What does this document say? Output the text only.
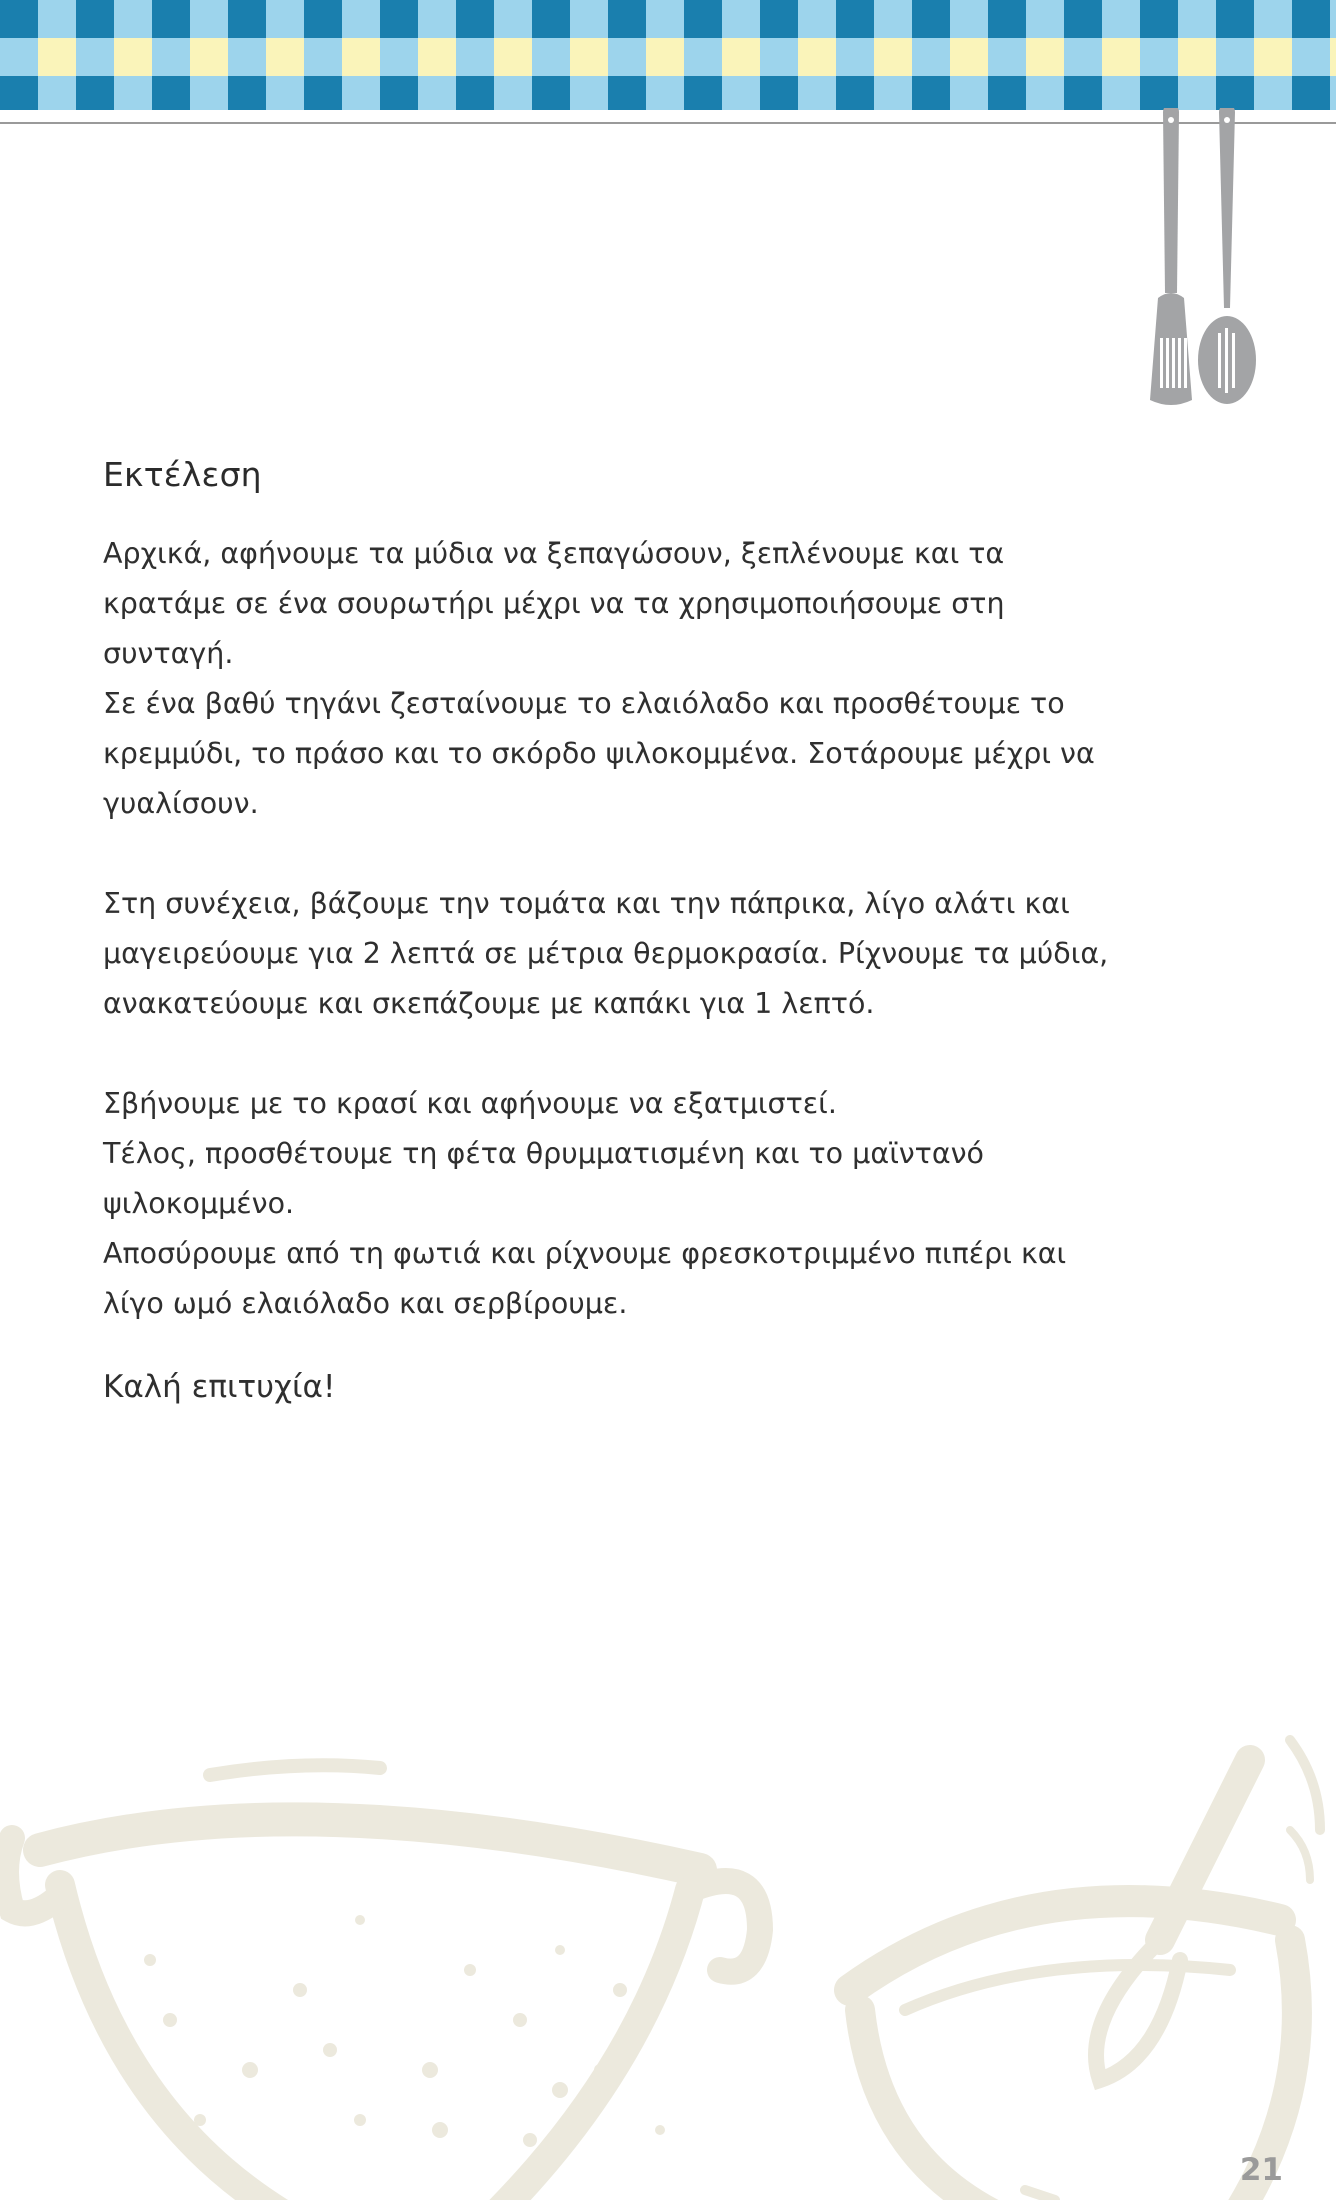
Εκτέλεση

Αρχικά, αφήνουμε τα μύδια να ξεπαγώσουν, ξεπλένουμε και τα
κρατάμε σε ένα σουρωτήρι μέχρι να τα χρησιμοποιήσουμε στη
συνταγή.

Σε ένα βαθύ τηγάνι ζεσταίνουμε το ελαιόλαδο και προσθέτουμε το
κρεμμύδι, το πράσο και το σκόρδο ψιλοκομμένα. Σοτάρουμε μέχρι να
γυαλίσουν.

Στη συνέχεια, βάζουμε την τομάτα και την πάπρικα, λίγο αλάτι και
μαγειρεύουμε για 2 λεπτά σε μέτρια θερμοκρασία. Ρίχνουμε τα μύδια,
ανακατεύουμε και σκεπάζουμε με καπάκι για 1 λεπτό.

Σβήνουμε με το κρασί και αφήνουμε να εξατμιστεί.

Τέλος, προσθέτουμε τη φέτα θρυμματισμένη και το μαϊντανό
ψιλοκομμένο.

Αποσύρουμε από τη φωτιά και ρίχνουμε φρεσκοτριμμένο πιπέρι και
λίγο ωμό ελαιόλαδο και σερβίρουμε.

Καλή επιτυχία!

21
